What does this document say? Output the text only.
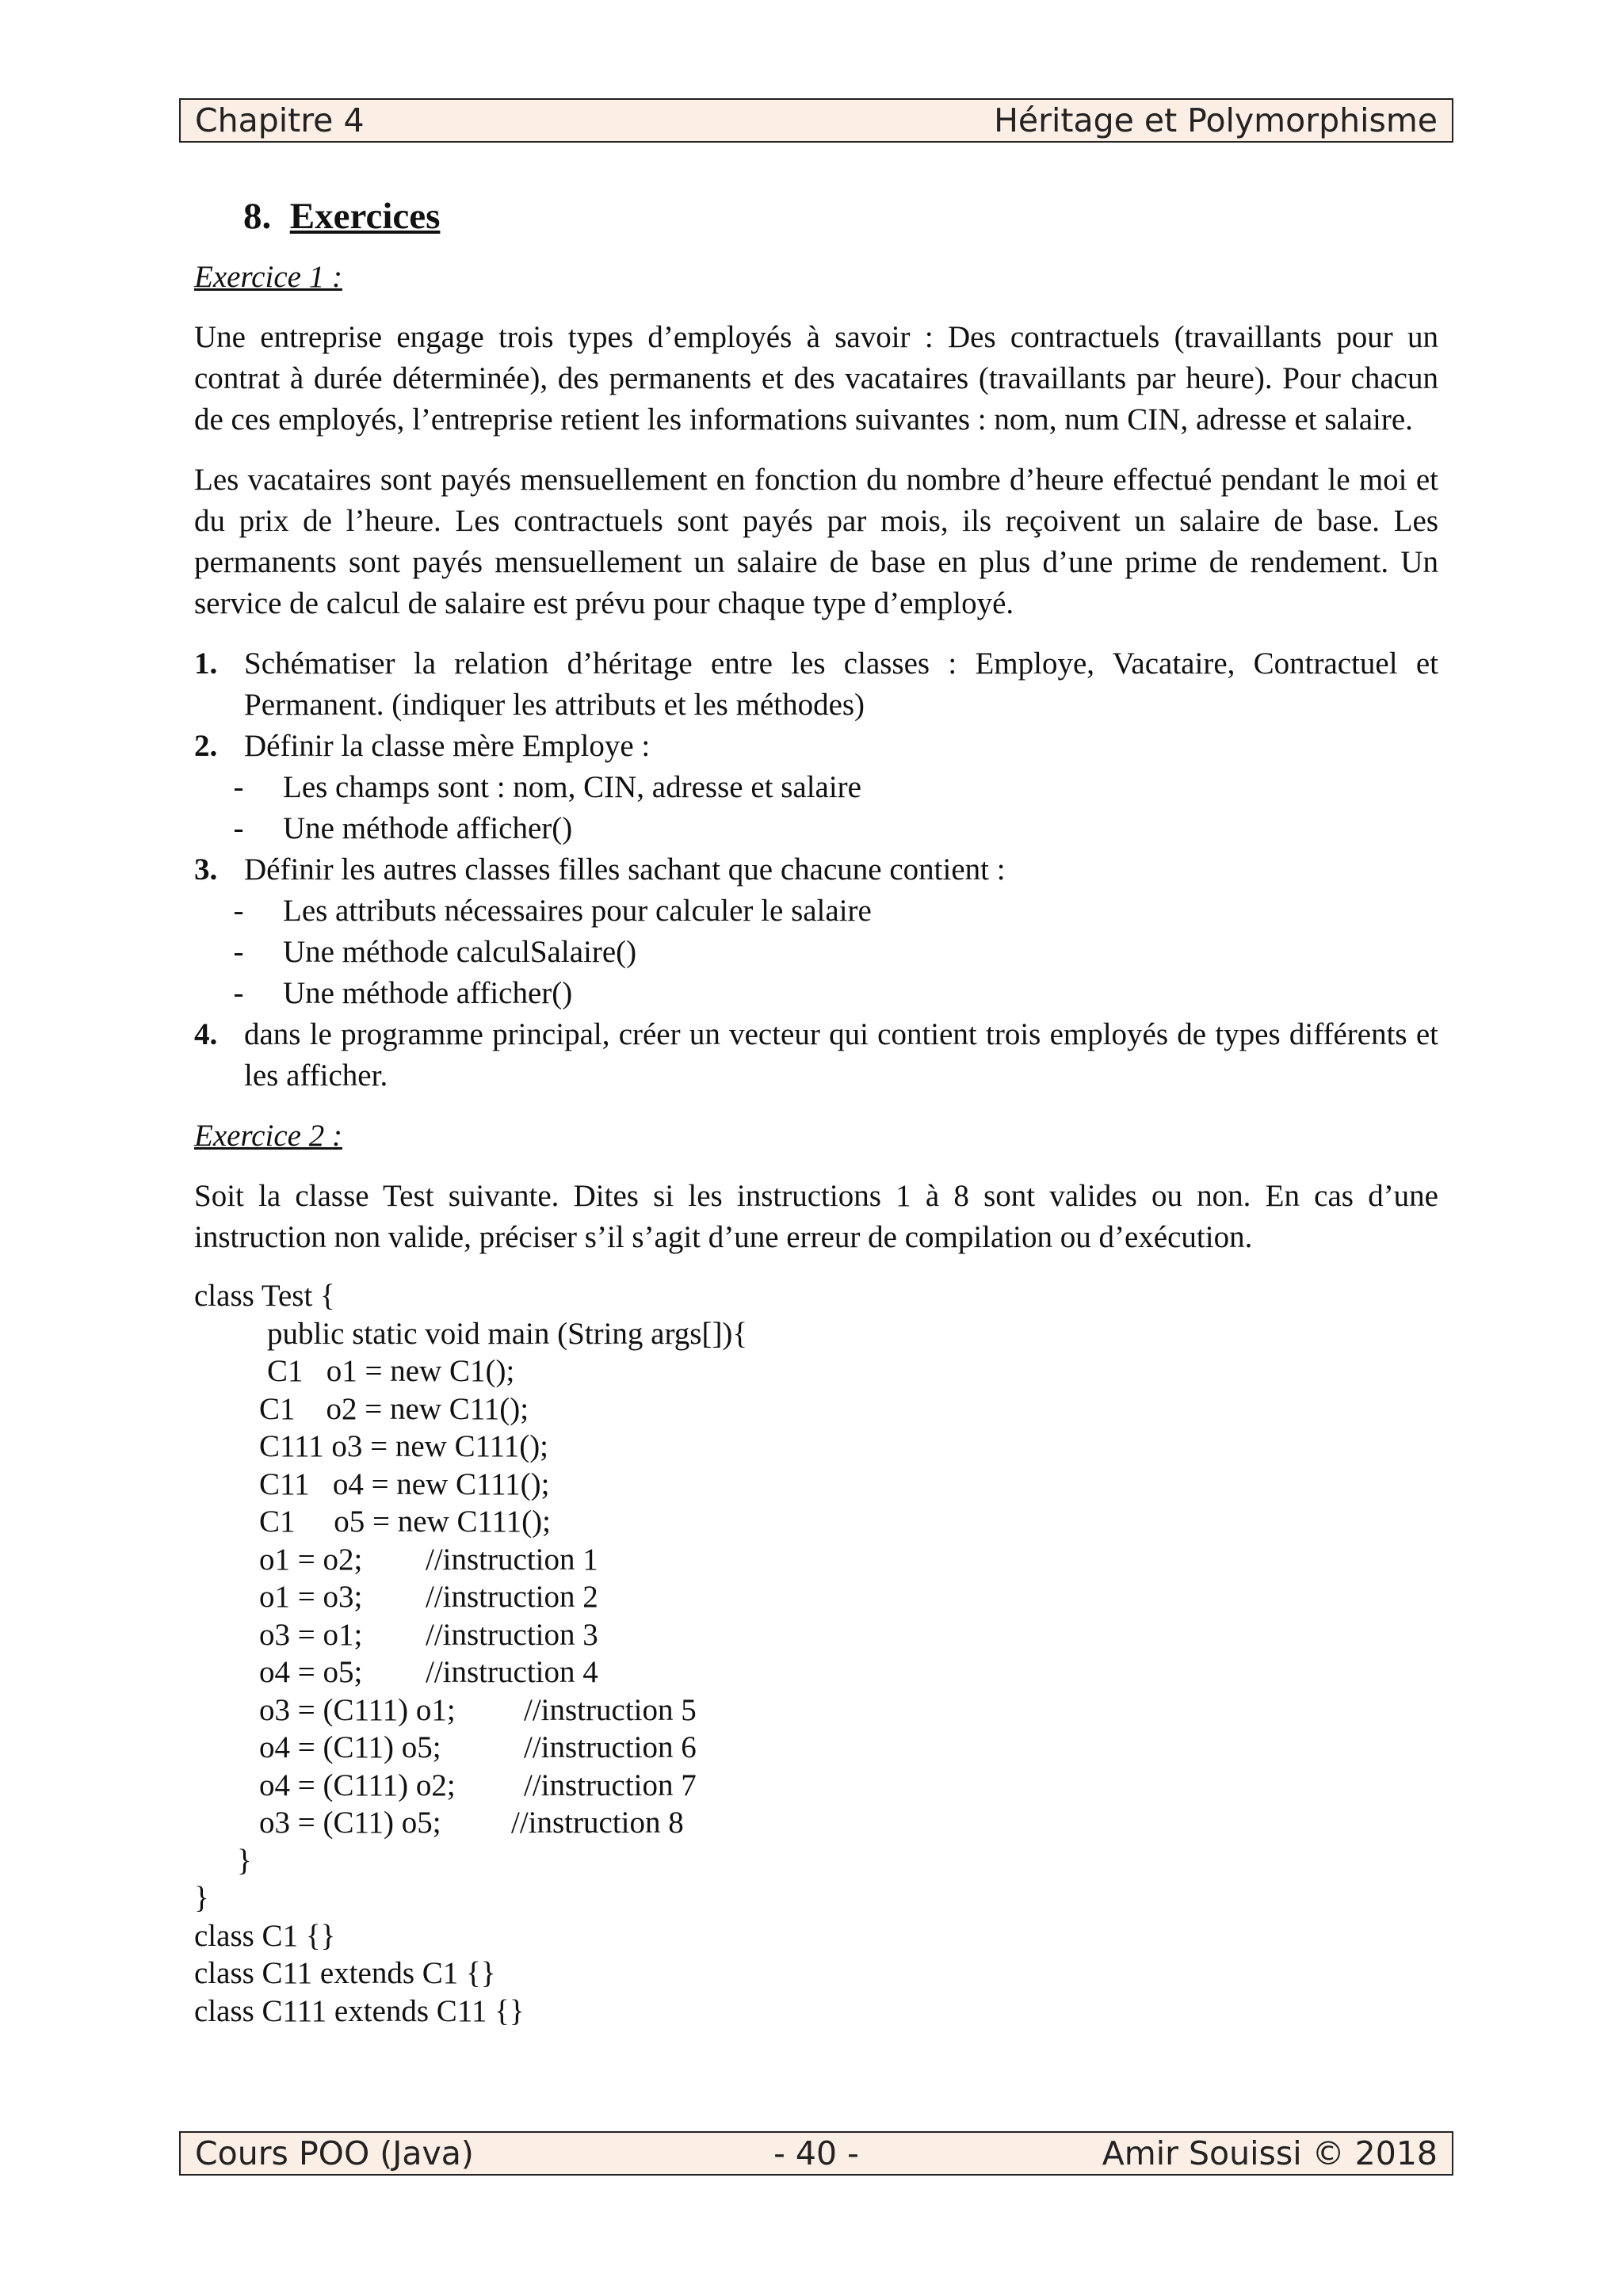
Chapitre 4	Héritage et Polymorphisme
8. Exercices

Exercice 1 :

Une entreprise engage trois types d’employés à savoir : Des contractuels (travaillants pour un contrat à durée déterminée), des permanents et des vacataires (travaillants par heure). Pour chacun de ces employés, l’entreprise retient les informations suivantes : nom, num CIN, adresse et salaire.

Les vacataires sont payés mensuellement en fonction du nombre d’heure effectué pendant le moi et du prix de l’heure. Les contractuels sont payés par mois, ils reçoivent un salaire de base. Les permanents sont payés mensuellement un salaire de base en plus d’une prime de rendement. Un service de calcul de salaire est prévu pour chaque type d’employé.

1. Schématiser la relation d’héritage entre les classes : Employe, Vacataire, Contractuel et Permanent. (indiquer les attributs et les méthodes)
2. Définir la classe mère Employe :
-	Les champs sont : nom, CIN, adresse et salaire
-	Une méthode afficher()
3. Définir les autres classes filles sachant que chacune contient :
-	Les attributs nécessaires pour calculer le salaire
-	Une méthode calculSalaire()
-	Une méthode afficher()
4. dans le programme principal, créer un vecteur qui contient trois employés de types différents et les afficher.

Exercice 2 :

Soit la classe Test suivante. Dites si les instructions 1 à 8 sont valides ou non. En cas d’une instruction non valide, préciser s’il s’agit d’une erreur de compilation ou d’exécution.

class Test {
public static void main (String args[]){
C1   o1 = new C1();
C1    o2 = new C11();
C111 o3 = new C111();
C11   o4 = new C111();
C1     o5 = new C111();
o1 = o2; //instruction 1
o1 = o3; //instruction 2
o3 = o1; //instruction 3
o4 = o5; //instruction 4
o3 = (C111) o1; //instruction 5
o4 = (C11) o5;	//instruction 6
o4 = (C111) o2; //instruction 7
o3 = (C11) o5; //instruction 8
}
}
class C1 {}
class C11 extends C1 {}
class C111 extends C11 {}
Cours POO (Java)	- 40 -	Amir Souissi © 2018
